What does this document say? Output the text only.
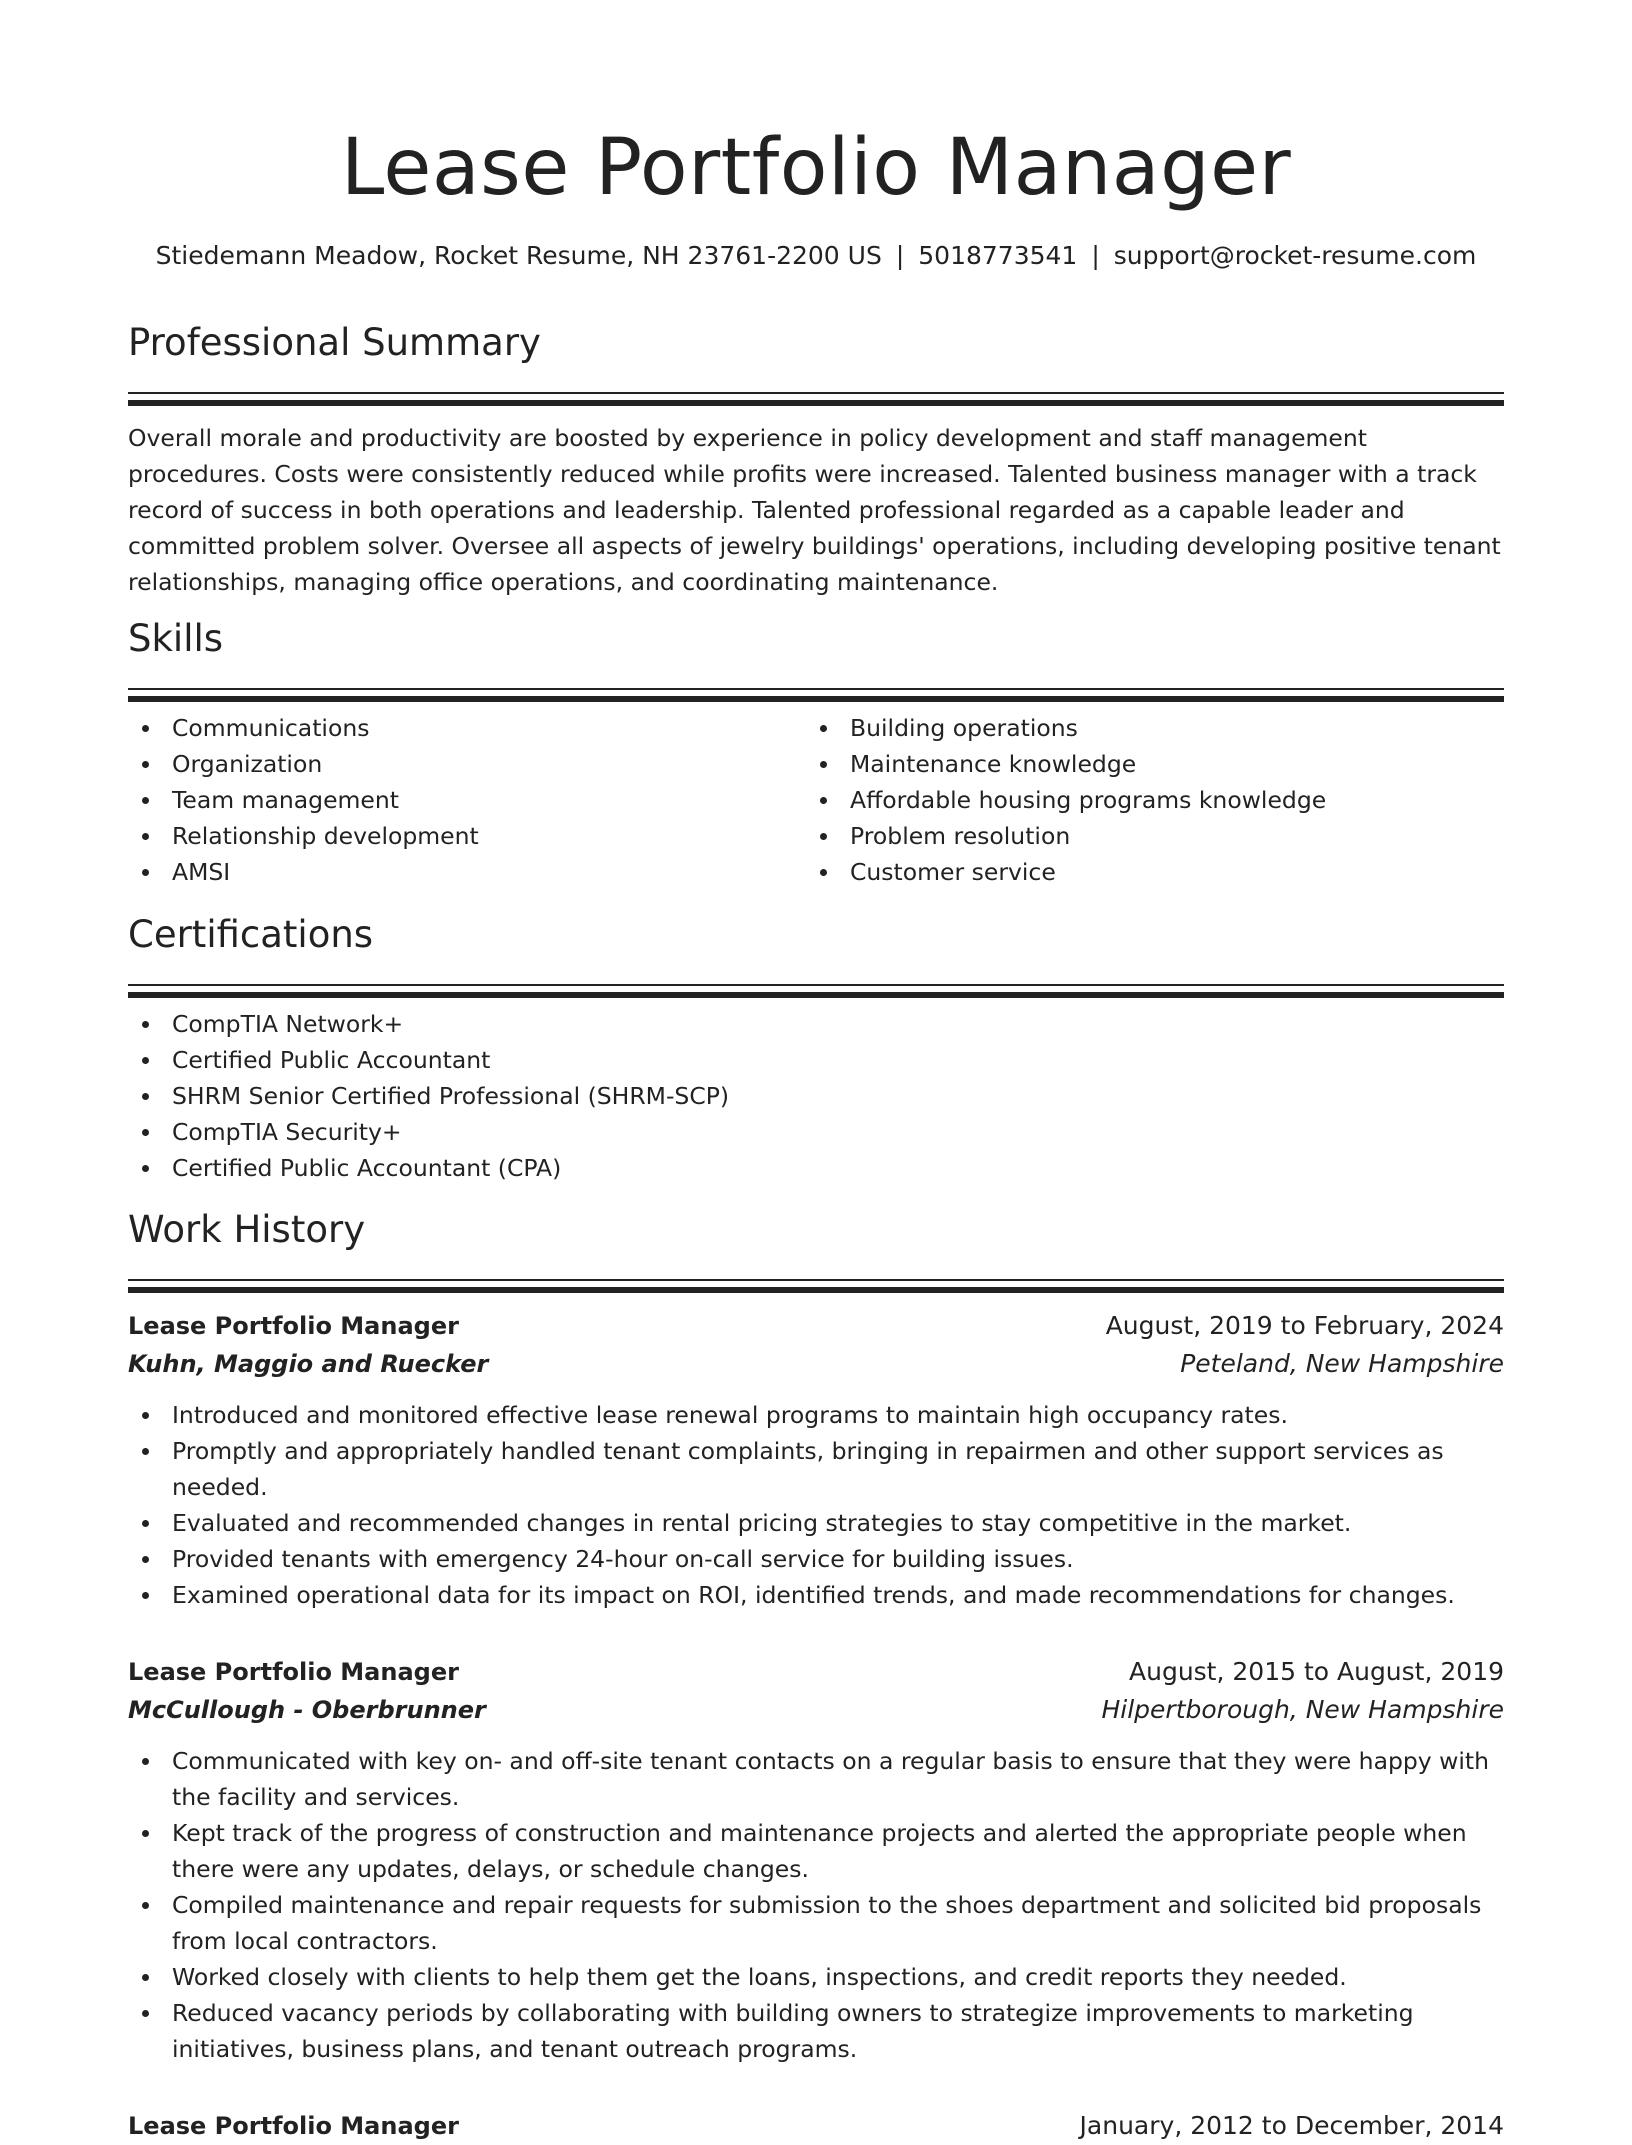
Lease Portfolio Manager
Stiedemann Meadow, Rocket Resume, NH 23761-2200 US | 5018773541 | support@rocket-resume.com
Professional Summary

Overall morale and productivity are boosted by experience in policy development and staff management procedures. Costs were consistently reduced while profits were increased. Talented business manager with a track record of success in both operations and leadership. Talented professional regarded as a capable leader and committed problem solver. Oversee all aspects of jewelry buildings' operations, including developing positive tenant relationships, managing office operations, and coordinating maintenance.

Skills
Communications
Organization
Team management
Relationship development
AMSI
Building operations
Maintenance knowledge
Affordable housing programs knowledge
Problem resolution
Customer service
Certifications
CompTIA Network+
Certified Public Accountant
SHRM Senior Certified Professional (SHRM-SCP)
CompTIA Security+
Certified Public Accountant (CPA)
Work History
Lease Portfolio Manager	August, 2019 to February, 2024
Kuhn, Maggio and Ruecker	Peteland, New Hampshire
Introduced and monitored effective lease renewal programs to maintain high occupancy rates.
Promptly and appropriately handled tenant complaints, bringing in repairmen and other support services as needed.
Evaluated and recommended changes in rental pricing strategies to stay competitive in the market.
Provided tenants with emergency 24-hour on-call service for building issues.
Examined operational data for its impact on ROI, identified trends, and made recommendations for changes.
Lease Portfolio Manager	August, 2015 to August, 2019
McCullough - Oberbrunner	Hilpertborough, New Hampshire
Communicated with key on- and off-site tenant contacts on a regular basis to ensure that they were happy with the facility and services.
Kept track of the progress of construction and maintenance projects and alerted the appropriate people when there were any updates, delays, or schedule changes.
Compiled maintenance and repair requests for submission to the shoes department and solicited bid proposals from local contractors.
Worked closely with clients to help them get the loans, inspections, and credit reports they needed.
Reduced vacancy periods by collaborating with building owners to strategize improvements to marketing initiatives, business plans, and tenant outreach programs.
Lease Portfolio Manager	January, 2012 to December, 2014
